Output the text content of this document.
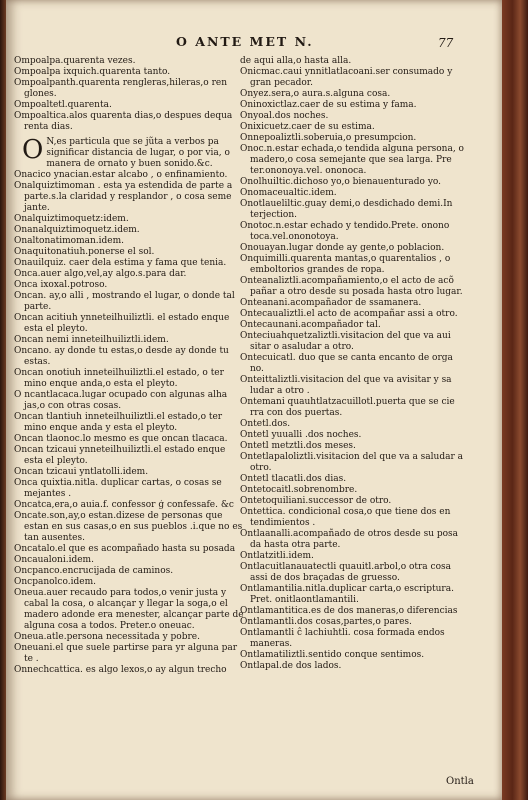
O ANTE MET N.	77

Ompoalpa.quarenta vezes.

Ompoalpa ixquich.quarenta tanto.

Ompoalpanth.quarenta rengleras,hileras,o ren glones.

Ompoaltetl.quarenta.

Ompoaltica.alos quarenta dias,o despues dequa renta dias.

O N,es particula que se jũta a verbos pa significar distancia de lugar, o por via, o manera de ornato y buen sonido.&c.

Onacico ynacian.estar alcabo , o enfinamiento.

Onalquiztimoman . esta ya estendida de parte a parte.s.la claridad y resplandor , o cosa seme jante.

Onalquiztimoquetz:idem.

Onanalquiztimoquetz.idem.

Onaltonatimoman.idem.

Onaquitonatiuh.ponerse el sol.

Onauilquiz. caer dela estima y fama que tenia.

Onca.auer algo,vel,ay algo.s.para dar.

Onca ixoxal.potroso.

Oncan. ay,o alli , mostrando el lugar, o donde tal parte.

Oncan acitiuh ynneteilhuiliztli. el estado enque esta el pleyto.

Oncan nemi inneteilhuiliztli.idem.

Oncano. ay donde tu estas,o desde ay donde tu estas.

Oncan onotiuh inneteilhuiliztli.el estado, o ter mino enque anda,o esta el pleyto.

O ncantlacaca.lugar ocupado con algunas alha jas,o con otras cosas.

Oncan tlantiuh inneteilhuiliztli.el estado,o ter mino enque anda y esta el pleyto.

Oncan tlaonoc.lo mesmo es que oncan tlacaca.

Oncan tzicaui ynneteilhuiliztli.el estado enque esta el pleyto.

Oncan tzicaui yntlatolli.idem.

Onca quixtia.nitla. duplicar cartas, o cosas se mejantes .

Oncatca,era,o auia.f. confessor ģ confessafe. &c

Oncate.son,ay,o estan.dizese de personas que estan en sus casas,o en sus pueblos .i.que no es tan ausentes.

Oncatalo.el que es acompañado hasta su posada

Oncaualoni.idem.

Oncpanco.encrucijada de caminos.

Oncpanolco.idem.

Oneua.auer recaudo para todos,o venir justa y cabal la cosa, o alcançar y llegar la soga,o el madero adonde era menester, alcançar parte de alguna cosa a todos. Preter.o oneuac.

Oneua.atle.persona necessitada y pobre.

Oneuani.el que suele partirse para yr alguna par te .

Onnechcattica. es algo lexos,o ay algun trecho

de aqui alla,o hasta alla.

Onicmac.caui ynnitlatlacoani.ser consumado y gran pecador.

Onyez.sera,o aura.s.alguna cosa.

Oninoxictlaz.caer de su estima y fama.

Onyoal.dos noches.

Onixicuetz.caer de su estima.

Onnepoaliztli.soberuia,o presumpcion.

Onoc.n.estar echada,o tendida alguna persona, o madero,o cosa semejante que sea larga. Pre ter.ononoya.vel. ononoca.

Onolhuiltic.dichoso yo,o bienauenturado yo.

Onomaceualtic.idem.

Onotlaueliltic.guay demi,o desdichado demi.In terjection.

Onotoc.n.estar echado y tendido.Prete. onono toca.vel.ononotoya.

Onouayan.lugar donde ay gente,o poblacion.

Onquimilli.quarenta mantas,o quarentalios , o emboltorios grandes de ropa.

Onteanaliztli.acompañamiento,o el acto de acõ pañar a otro desde su posada hasta otro lugar.

Onteanani.acompañador de ssamanera.

Ontecaualiztli.el acto de acompañar assi a otro.

Ontecaunani.acompañador tal.

Onteciuahquetzaliztli.visitacion del que va aui sitar o asaludar a otro.

Ontecuicatl. duo que se canta encanto de orga no.

Onteittaliztli.visitacion del que va avisitar y sa ludar a otro .

Ontemani quauhtlatzacuillotl.puerta que se cie rra con dos puertas.

Ontetl.dos.

Ontetl yuualli .dos noches.

Ontetl metztli.dos meses.

Ontetlapaloliztli.visitacion del que va a saludar a otro.

Ontetl tlacatli.dos dias.

Ontetocaitl.sobrenombre.

Ontetoquiliani.successor de otro.

Ontettica. condicional cosa,o que tiene dos en tendimientos .

Ontlaanalli.acompañado de otros desde su posa da hasta otra parte.

Ontlatzitli.idem.

Ontlacuitlanauatectli quauitl.arbol,o otra cosa assi de dos braçadas de gruesso.

Ontlamantilia.nitla.duplicar carta,o escriptura. Pret. onitlaontlamantili.

Ontlamantitica.es de dos maneras,o diferencias

Ontlamantli.dos cosas,partes,o pares.

Ontlamantli ĉ lachiuhtli. cosa formada endos maneras.

Ontlamatiliztli.sentido conque sentimos.

Ontlapal.de dos lados.

Ontla
